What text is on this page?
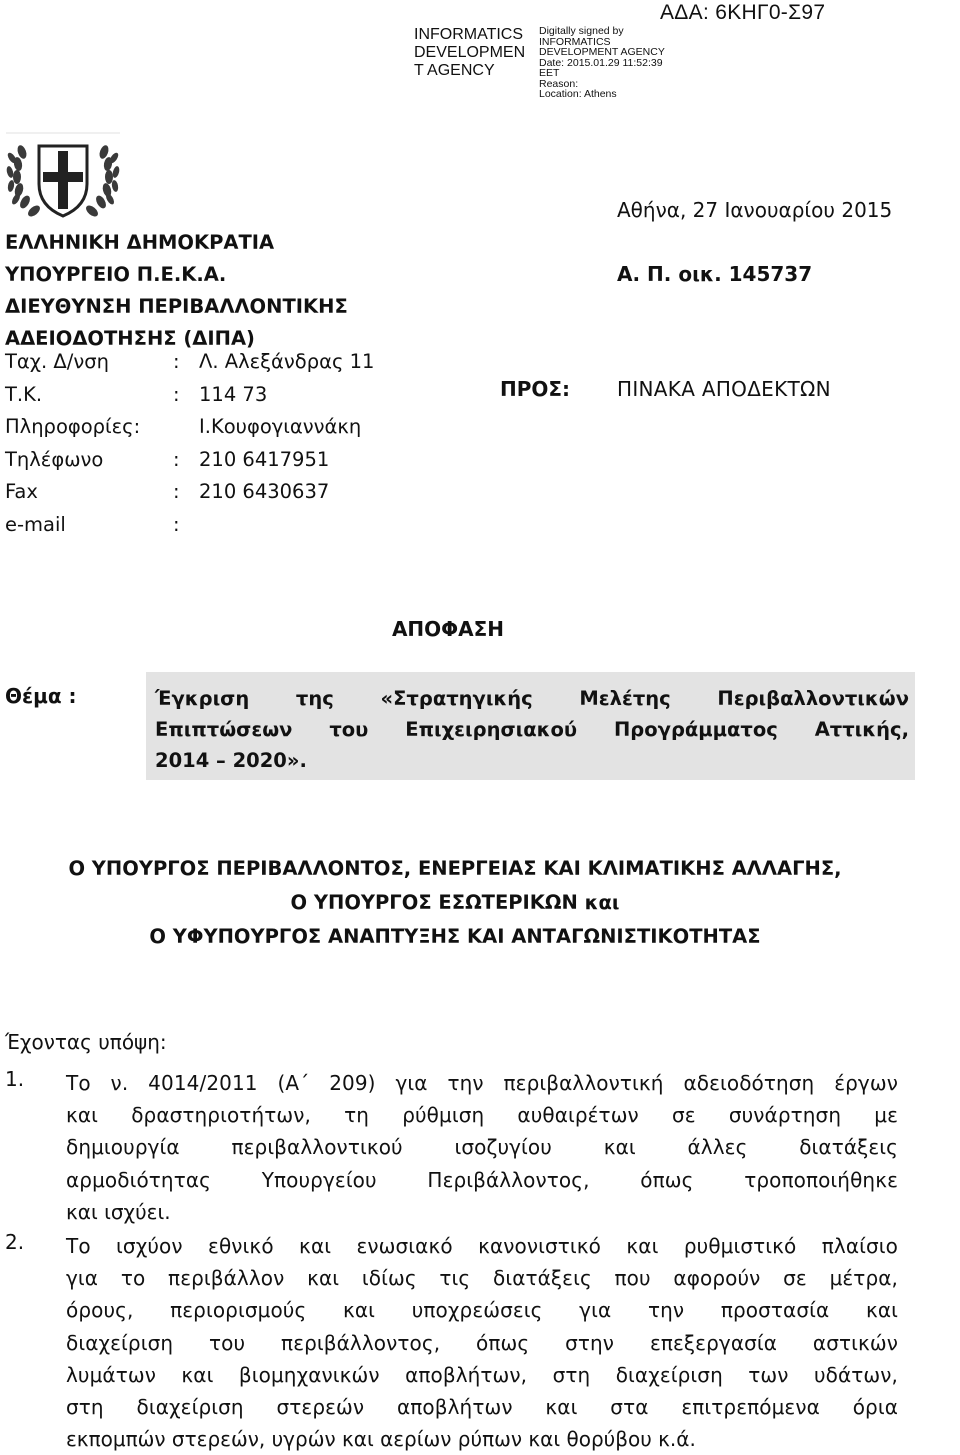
INFORMATICS
DEVELOPMEN
T AGENCY
Digitally signed by
INFORMATICS
DEVELOPMENT AGENCY
Date: 2015.01.29 11:52:39
EET
Reason:
Location: Athens
ΑΔΑ: 6ΚΗΓ0-Σ97
ΕΛΛΗΝΙΚΗ ΔΗΜΟΚΡΑΤΙΑ
ΥΠΟΥΡΓΕΙΟ Π.Ε.Κ.Α.
ΔΙΕΥΘΥΝΣΗ ΠΕΡΙΒΑΛΛΟΝΤΙΚΗΣ
ΑΔΕΙΟΔΟΤΗΣΗΣ (ΔΙΠΑ)
Ταχ. Δ/νση	: Λ. Αλεξάνδρας 11
Τ.Κ.	: 114 73
Πληροφορίες:	Ι.Κουφογιαννάκη
Τηλέφωνο	: 210 6417951
Fax	: 210 6430637
e-mail	:
Αθήνα, 27 Ιανουαρίου 2015
Α. Π. οικ. 145737
ΠΡΟΣ: ΠΙΝΑΚΑ ΑΠΟΔΕΚΤΩΝ
ΑΠΟΦΑΣΗ
Θέμα :	Έγκριση της «Στρατηγικής Μελέτης Περιβαλλοντικών
Επιπτώσεων του Επιχειρησιακού Προγράμματος Αττικής,
2014 – 2020».
Ο ΥΠΟΥΡΓΟΣ ΠΕΡΙΒΑΛΛΟΝΤΟΣ, ΕΝΕΡΓΕΙΑΣ ΚΑΙ ΚΛΙΜΑΤΙΚΗΣ ΑΛΛΑΓΗΣ,
Ο ΥΠΟΥΡΓΟΣ ΕΣΩΤΕΡΙΚΩΝ και
Ο ΥΦΥΠΟΥΡΓΟΣ ΑΝΑΠΤΥΞΗΣ ΚΑΙ ΑΝΤΑΓΩΝΙΣΤΙΚΟΤΗΤΑΣ
Έχοντας υπόψη:
1. Το ν. 4014/2011 (Α΄ 209) για την περιβαλλοντική αδειοδότηση έργων
και δραστηριοτήτων, τη ρύθμιση αυθαιρέτων σε συνάρτηση με
δημιουργία περιβαλλοντικού ισοζυγίου και άλλες διατάξεις
αρμοδιότητας Υπουργείου Περιβάλλοντος, όπως τροποποιήθηκε
και ισχύει.
2. Το ισχύον εθνικό και ενωσιακό κανονιστικό και ρυθμιστικό πλαίσιο
για το περιβάλλον και ιδίως τις διατάξεις που αφορούν σε μέτρα,
όρους, περιορισμούς και υποχρεώσεις για την προστασία και
διαχείριση του περιβάλλοντος, όπως στην επεξεργασία αστικών
λυμάτων και βιομηχανικών αποβλήτων, στη διαχείριση των υδάτων,
στη διαχείριση στερεών αποβλήτων και στα επιτρεπόμενα όρια
εκπομπών στερεών, υγρών και αερίων ρύπων και θορύβου κ.ά.
